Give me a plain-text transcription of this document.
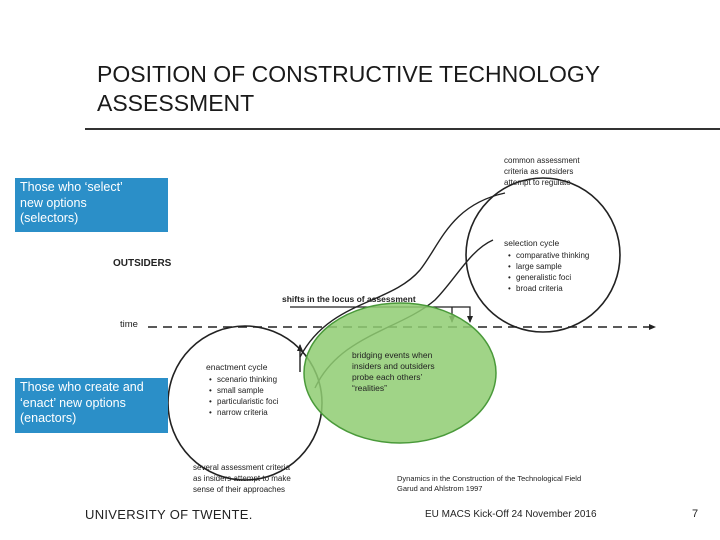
POSITION OF CONSTRUCTIVE TECHNOLOGY ASSESSMENT
OUTSIDERS
time
shifts in the locus of assessment
common assessment criteria as outsiders attempt to regulate
selection cycle
• comparative thinking • large sample • generalistic foci • broad criteria
enactment cycle
• scenario thinking • small sample • particularistic foci • narrow criteria
bridging events when insiders and outsiders probe each others’ “realities”
several assessment criteria as insiders attempt to make sense of their approaches
Those who ‘select’
new options
(selectors)
Those who create and
‘enact’ new options
(enactors)
Dynamics in the Construction of the Technological Field
Garud and Ahlstrom 1997
UNIVERSITY OF TWENTE.	EU MACS Kick-Off 24 November 2016	7
